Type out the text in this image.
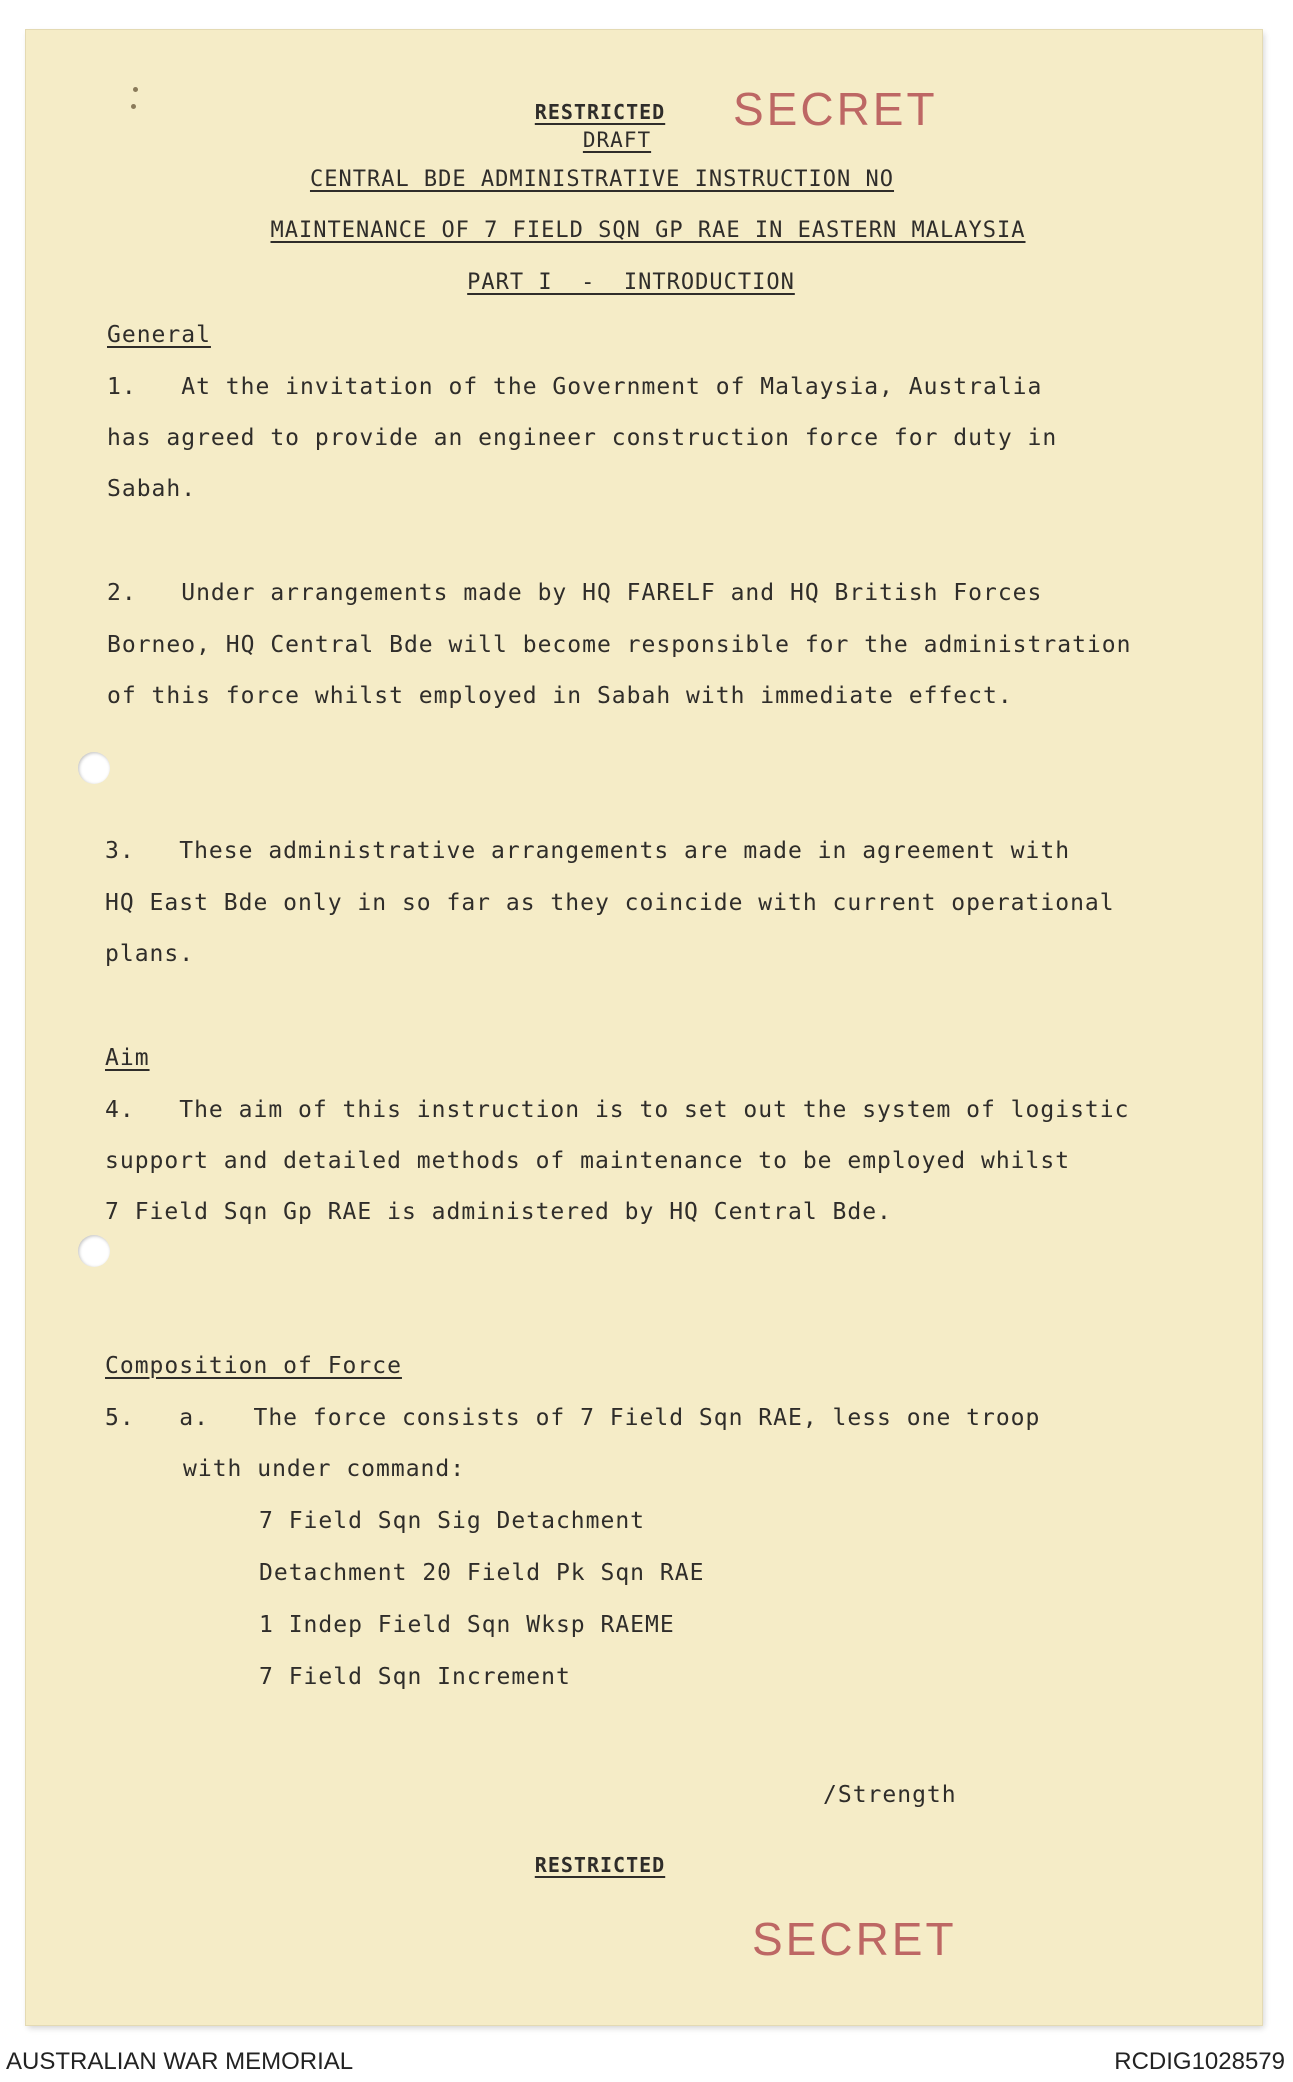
RESTRICTED SECRET
DRAFT
CENTRAL BDE ADMINISTRATIVE INSTRUCTION NO
MAINTENANCE OF 7 FIELD SQN GP RAE IN EASTERN MALAYSIA
PART I  -  INTRODUCTION
General
1.   At the invitation of the Government of Malaysia, Australia
has agreed to provide an engineer construction force for duty in
Sabah.
2.   Under arrangements made by HQ FARELF and HQ British Forces
Borneo, HQ Central Bde will become responsible for the administration
of this force whilst employed in Sabah with immediate effect.
3.   These administrative arrangements are made in agreement with
HQ East Bde only in so far as they coincide with current operational
plans.
Aim
4.   The aim of this instruction is to set out the system of logistic
support and detailed methods of maintenance to be employed whilst
7 Field Sqn Gp RAE is administered by HQ Central Bde.
Composition of Force
5.   a.   The force consists of 7 Field Sqn RAE, less one troop
with under command:
7 Field Sqn Sig Detachment
Detachment 20 Field Pk Sqn RAE
1 Indep Field Sqn Wksp RAEME
7 Field Sqn Increment
/Strength
RESTRICTED
SECRET
AUSTRALIAN WAR MEMORIAL	RCDIG1028579
